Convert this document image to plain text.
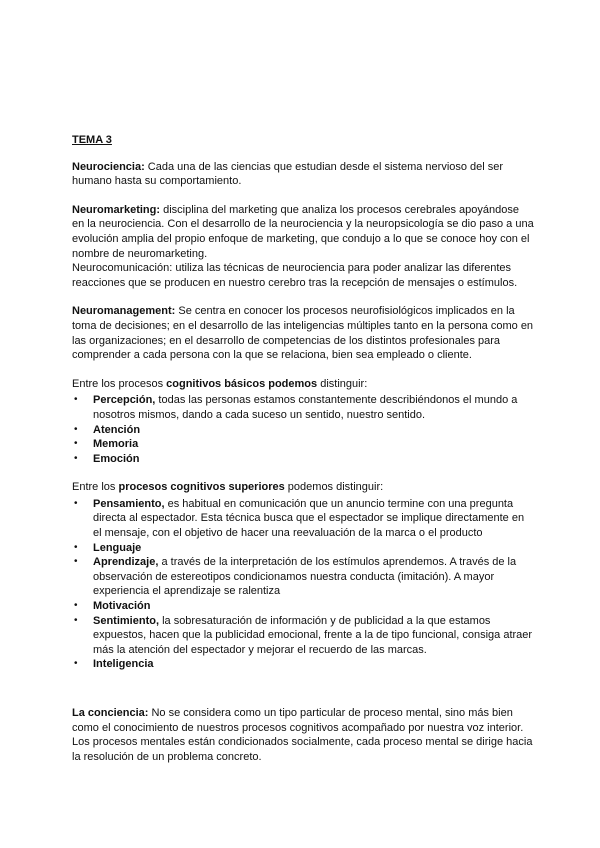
TEMA 3

Neurociencia: Cada una de las ciencias que estudian desde el sistema nervioso del ser humano hasta su comportamiento.

Neuromarketing: disciplina del marketing que analiza los procesos cerebrales apoyándose en la neurociencia. Con el desarrollo de la neurociencia y la neuropsicología se dio paso a una evolución amplia del propio enfoque de marketing, que condujo a lo que se conoce hoy con el nombre de neuromarketing.

Neurocomunicación: utiliza las técnicas de neurociencia para poder analizar las diferentes reacciones que se producen en nuestro cerebro tras la recepción de mensajes o estímulos.

Neuromanagement: Se centra en conocer los procesos neurofisiológicos implicados en la toma de decisiones; en el desarrollo de las inteligencias múltiples tanto en la persona como en las organizaciones; en el desarrollo de competencias de los distintos profesionales para comprender a cada persona con la que se relaciona, bien sea empleado o cliente.

Entre los procesos cognitivos básicos podemos distinguir:

• Percepción, todas las personas estamos constantemente describiéndonos el mundo a nosotros mismos, dando a cada suceso un sentido, nuestro sentido.
• Atención
• Memoria
• Emoción

Entre los procesos cognitivos superiores podemos distinguir:

• Pensamiento, es habitual en comunicación que un anuncio termine con una pregunta directa al espectador. Esta técnica busca que el espectador se implique directamente en el mensaje, con el objetivo de hacer una reevaluación de la marca o el producto
• Lenguaje
• Aprendizaje, a través de la interpretación de los estímulos aprendemos. A través de la observación de estereotipos condicionamos nuestra conducta (imitación). A mayor experiencia el aprendizaje se ralentiza
• Motivación
• Sentimiento, la sobresaturación de información y de publicidad a la que estamos expuestos, hacen que la publicidad emocional, frente a la de tipo funcional, consiga atraer más la atención del espectador y mejorar el recuerdo de las marcas.
• Inteligencia

La conciencia: No se considera como un tipo particular de proceso mental, sino más bien como el conocimiento de nuestros procesos cognitivos acompañado por nuestra voz interior. Los procesos mentales están condicionados socialmente, cada proceso mental se dirige hacia la resolución de un problema concreto.
